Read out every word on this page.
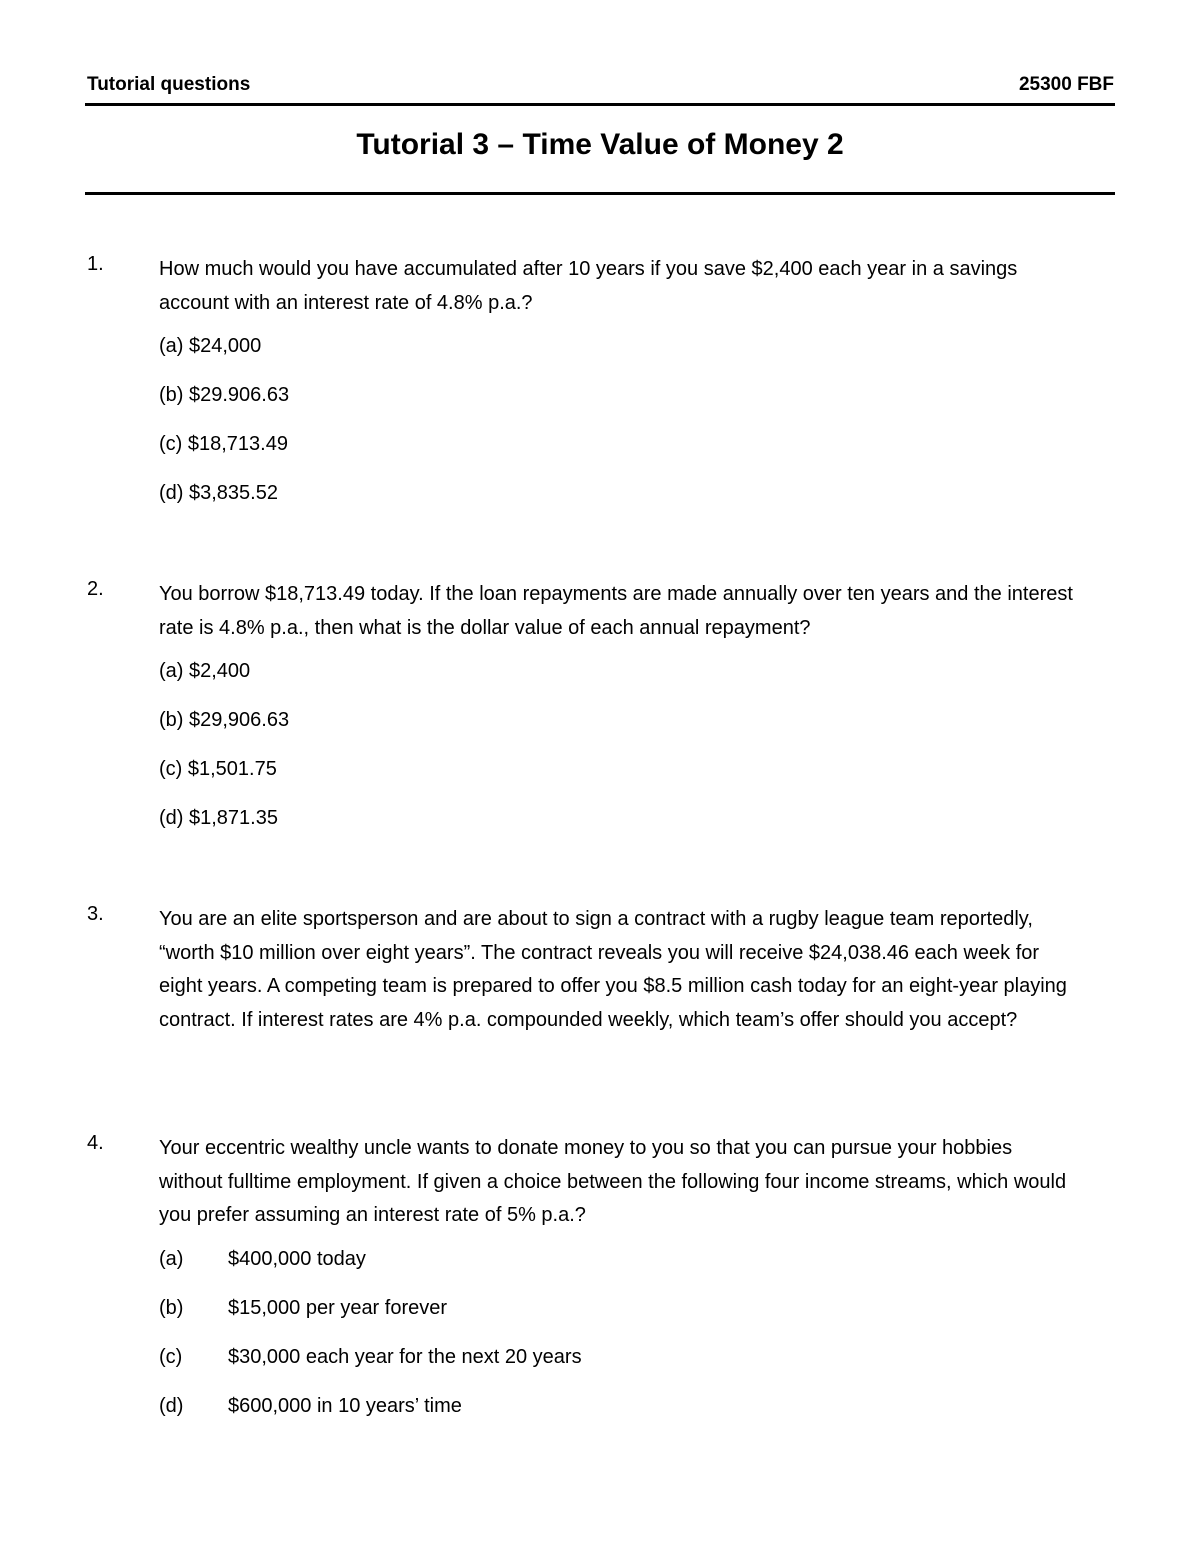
Tutorial questions	25300 FBF
Tutorial 3 – Time Value of Money 2
1.	How much would you have accumulated after 10 years if you save $2,400 each year in a savings account with an interest rate of 4.8% p.a.?
(a) $24,000
(b) $29.906.63
(c) $18,713.49
(d) $3,835.52
2.	You borrow $18,713.49 today. If the loan repayments are made annually over ten years and the interest rate is 4.8% p.a., then what is the dollar value of each annual repayment?
(a) $2,400
(b) $29,906.63
(c) $1,501.75
(d) $1,871.35
3.	You are an elite sportsperson and are about to sign a contract with a rugby league team reportedly, “worth $10 million over eight years”. The contract reveals you will receive $24,038.46 each week for eight years. A competing team is prepared to offer you $8.5 million cash today for an eight-year playing contract. If interest rates are 4% p.a. compounded weekly, which team’s offer should you accept?
4.	Your eccentric wealthy uncle wants to donate money to you so that you can pursue your hobbies without fulltime employment. If given a choice between the following four income streams, which would you prefer assuming an interest rate of 5% p.a.?
(a) $400,000 today
(b) $15,000 per year forever
(c) $30,000 each year for the next 20 years
(d) $600,000 in 10 years’ time
